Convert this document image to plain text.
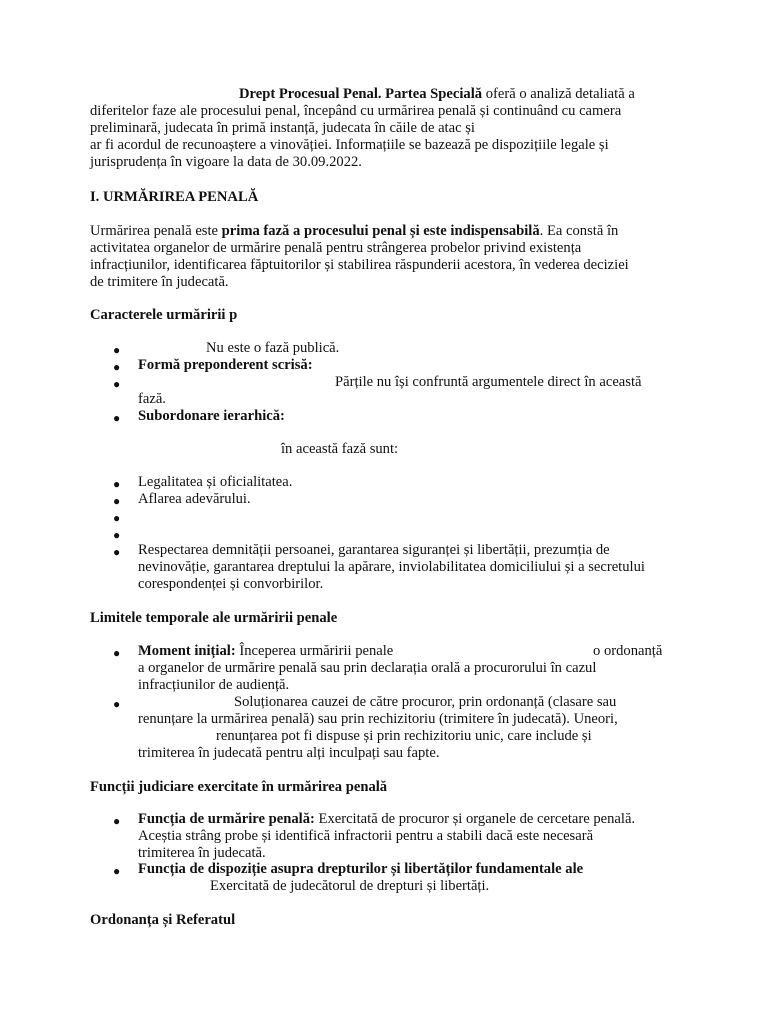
Drept Procesual Penal. Partea Specială oferă o analiză detaliată a
diferitelor faze ale procesului penal, începând cu urmărirea penală și continuând cu camera
preliminară, judecata în primă instanță, judecata în căile de atac și
ar fi acordul de recunoaștere a vinovăției. Informațiile se bazează pe dispozițiile legale și
jurisprudența în vigoare la data de 30.09.2022.
I. URMĂRIREA PENALĂ
Urmărirea penală este prima fază a procesului penal și este indispensabilă. Ea constă în
activitatea organelor de urmărire penală pentru strângerea probelor privind existența
infracțiunilor, identificarea făptuitorilor și stabilirea răspunderii acestora, în vederea deciziei
de trimitere în judecată.
Caracterele urmăririi p
●	Nu este o fază publică.
● Formă preponderent scrisă:
●	Părțile nu își confruntă argumentele direct în această
fază.
● Subordonare ierarhică:
în această fază sunt:
● Legalitatea și oficialitatea.
● Aflarea adevărului.
●
●
● Respectarea demnității persoanei, garantarea siguranței și libertății, prezumția de
nevinovăție, garantarea dreptului la apărare, inviolabilitatea domiciliului și a secretului
corespondenței și convorbirilor.
Limitele temporale ale urmăririi penale
● Moment inițial: Începerea urmăririi penale	o ordonanță
a organelor de urmărire penală sau prin declarația orală a procurorului în cazul
infracțiunilor de audiență.
●	Soluționarea cauzei de către procuror, prin ordonanță (clasare sau
renunțare la urmărirea penală) sau prin rechizitoriu (trimitere în judecată). Uneori,
renunțarea pot fi dispuse și prin rechizitoriu unic, care include și
trimiterea în judecată pentru alți inculpați sau fapte.
Funcții judiciare exercitate în urmărirea penală
● Funcția de urmărire penală: Exercitată de procuror și organele de cercetare penală.
Aceștia strâng probe și identifică infractorii pentru a stabili dacă este necesară
trimiterea în judecată.
● Funcția de dispoziție asupra drepturilor și libertăților fundamentale ale
Exercitată de judecătorul de drepturi și libertăți.
Ordonanța și Referatul
